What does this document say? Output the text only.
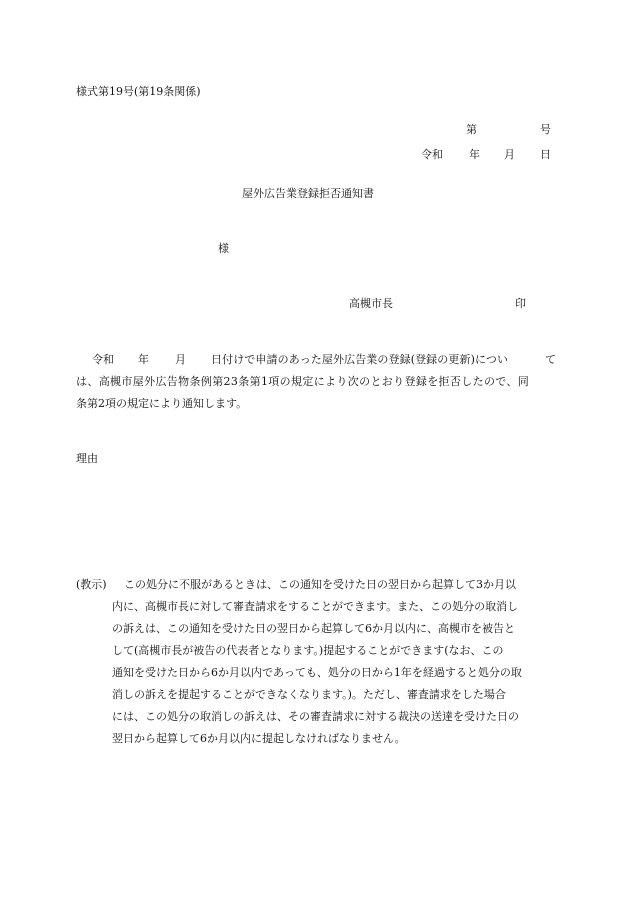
様式第19号(第19条関係)
第	号
令和 年 月 日
屋外広告業登録拒否通知書
様
高槻市長	印
令和 年 月 日付けで申請のあった屋外広告業の登録(登録の更新)につい	て
は、高槻市屋外広告物条例第23条第1項の規定により次のとおり登録を拒否したので、同
条第2項の規定により通知します。
理由
(教示)	この処分に不服があるときは、この通知を受けた日の翌日から起算して3か月以
内に、高槻市長に対して審査請求をすることができます。また、この処分の取消し
の訴えは、この通知を受けた日の翌日から起算して6か月以内に、高槻市を被告と
して(高槻市長が被告の代表者となります。)提起することができます(なお、この
通知を受けた日から6か月以内であっても、処分の日から1年を経過すると処分の取
消しの訴えを提起することができなくなります。)。ただし、審査請求をした場合
には、この処分の取消しの訴えは、その審査請求に対する裁決の送達を受けた日の
翌日から起算して6か月以内に提起しなければなりません。
